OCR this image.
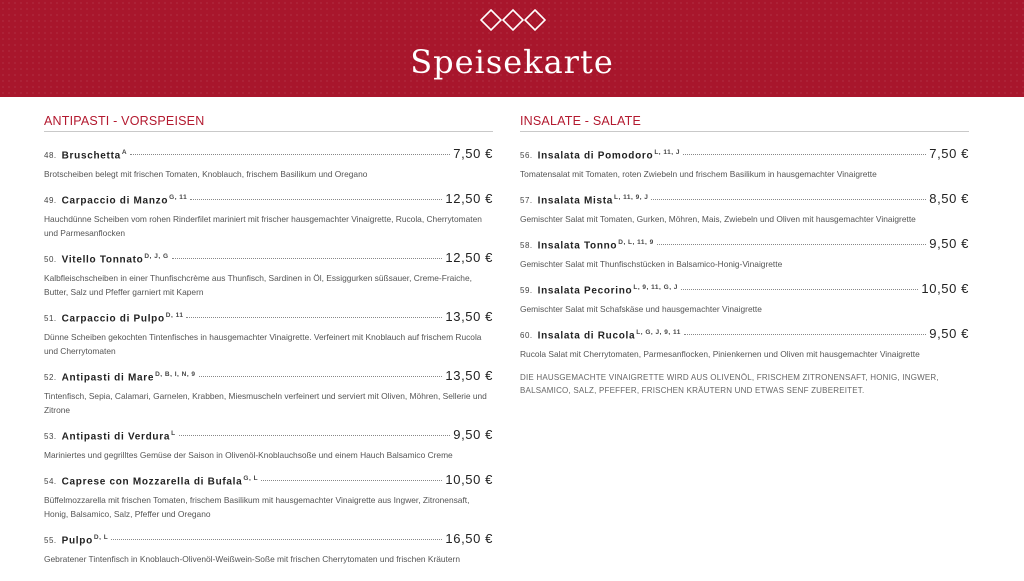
Speisekarte
ANTIPASTI - VORSPEISEN
48. Bruschetta$^A$	7,50 €
Brotscheiben belegt mit frischen Tomaten, Knoblauch, frischem Basilikum und Oregano
49. Carpaccio di Manzo$^{G, 11}$	12,50 €
Hauchdünne Scheiben vom rohen Rinderfilet mariniert mit frischer hausgemachter Vinaigrette, Rucola, Cherrytomaten und Parmesanflocken
50. Vitello Tonnato$^{D, J, G}$	12,50 €
Kalbfleischscheiben in einer Thunfischcrème aus Thunfisch, Sardinen in Öl, Essiggurken süßsauer, Creme-Fraiche, Butter, Salz und Pfeffer garniert mit Kapern
51. Carpaccio di Pulpo$^{D, 11}$	13,50 €
Dünne Scheiben gekochten Tintenfisches in hausgemachter Vinaigrette. Verfeinert mit Knoblauch auf frischem Rucola und Cherrytomaten
52. Antipasti di Mare$^{D, B, I, N, 9}$	13,50 €
Tintenfisch, Sepia, Calamari, Garnelen, Krabben, Miesmuscheln verfeinert und serviert mit Oliven, Möhren, Sellerie und Zitrone
53. Antipasti di Verdura$^L$	9,50 €
Mariniertes und gegrilltes Gemüse der Saison in Olivenöl-Knoblauchsoße und einem Hauch Balsamico Creme
54. Caprese con Mozzarella di Bufala$^{G, L}$	10,50 €
Büffelmozzarella mit frischen Tomaten, frischem Basilikum mit hausgemachter Vinaigrette aus Ingwer, Zitronensaft, Honig, Balsamico, Salz, Pfeffer und Oregano
55. Pulpo$^{D, L}$	16,50 €
Gebratener Tintenfisch in Knoblauch-Olivenöl-Weißwein-Soße mit frischen Cherrytomaten und frischen Kräutern
INSALATE - SALATE
56. Insalata di Pomodoro$^{L, 11, J}$	7,50 €
Tomatensalat mit Tomaten, roten Zwiebeln und frischem Basilikum in hausgemachter Vinaigrette
57. Insalata Mista$^{L, 11, 9, J}$	8,50 €
Gemischter Salat mit Tomaten, Gurken, Möhren, Mais, Zwiebeln und Oliven mit hausgemachter Vinaigrette
58. Insalata Tonno$^{D, L, 11, 9}$	9,50 €
Gemischter Salat mit Thunfischstücken in Balsamico-Honig-Vinaigrette
59. Insalata Pecorino$^{L, 9, 11, G, J}$	10,50 €
Gemischter Salat mit Schafskäse und hausgemachter Vinaigrette
60. Insalata di Rucola$^{L, G, J, 9, 11}$	9,50 €
Rucola Salat mit Cherrytomaten, Parmesanflocken, Pinienkernen und Oliven mit hausgemachter Vinaigrette
DIE HAUSGEMACHTE VINAIGRETTE WIRD AUS OLIVENÖL, FRISCHEM ZITRONENSAFT, HONIG, INGWER, BALSAMICO, SALZ, PFEFFER, FRISCHEN KRÄUTERN UND ETWAS SENF ZUBEREITET.
